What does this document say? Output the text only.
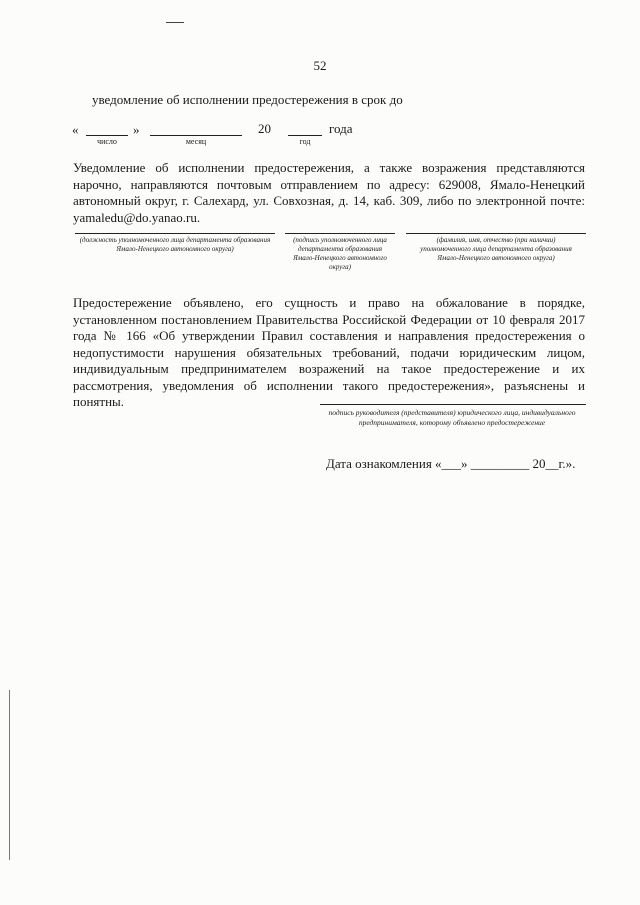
52
уведомление об исполнении предостережения в срок до
«	»	20	года
число	месяц	год
Уведомление об исполнении предостережения, а также возражения представляются нарочно, направляются почтовым отправлением по адресу: 629008, Ямало-Ненецкий автономный округ, г. Салехард, ул. Совхозная, д. 14, каб. 309, либо по электронной почте: yamaledu@do.yanao.ru.
(должность уполномоченного лица департамента образования Ямало-Ненецкого автономного округа)
(подпись уполномоченного лица департамента образования Ямало-Ненецкого автономного округа)
(фамилия, имя, отчество (при наличии) уполномоченного лица департамента образования Ямало-Ненецкого автономного округа)
Предостережение объявлено, его сущность и право на обжалование в порядке, установленном постановлением Правительства Российской Федерации от 10 февраля 2017 года № 166 «Об утверждении Правил составления и направления предостережения о недопустимости нарушения обязательных требований, подачи юридическим лицом, индивидуальным предпринимателем возражений на такое предостережение и их рассмотрения, уведомления об исполнении такого предостережения», разъяснены и понятны.
подпись руководителя (представителя) юридического лица, индивидуального предпринимателя, которому объявлено предостережение
Дата ознакомления «___» _________ 20__г.».
